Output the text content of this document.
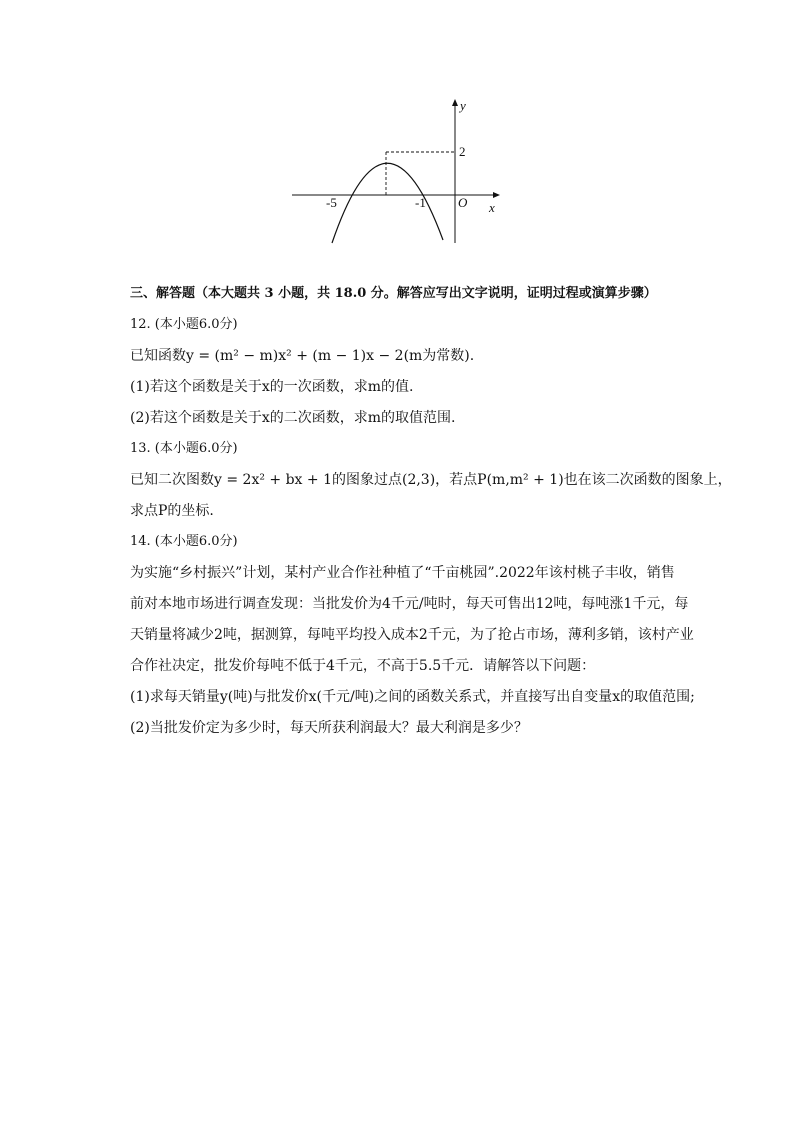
y
x
O
-5	-1
2
三、解答题（本大题共 3 小题，共 18.0 分。解答应写出文字说明，证明过程或演算步骤）
12. (本小题6.0分)
已知函数y = (m² − m)x² + (m − 1)x − 2(m为常数).
(1)若这个函数是关于x的一次函数，求m的值.
(2)若这个函数是关于x的二次函数，求m的取值范围.
13. (本小题6.0分)
已知二次图数y = 2x² + bx + 1的图象过点(2,3)，若点P(m,m² + 1)也在该二次函数的图象上，
求点P的坐标.
14. (本小题6.0分)
为实施“乡村振兴”计划，某村产业合作社种植了“千亩桃园”.2022年该村桃子丰收，销售
前对本地市场进行调查发现：当批发价为4千元/吨时，每天可售出12吨，每吨涨1千元，每
天销量将减少2吨，据测算，每吨平均投入成本2千元，为了抢占市场，薄利多销，该村产业
合作社决定，批发价每吨不低于4千元，不高于5.5千元．请解答以下问题：
(1)求每天销量y(吨)与批发价x(千元/吨)之间的函数关系式，并直接写出自变量x的取值范围;
(2)当批发价定为多少时，每天所获利润最大？最大利润是多少？
